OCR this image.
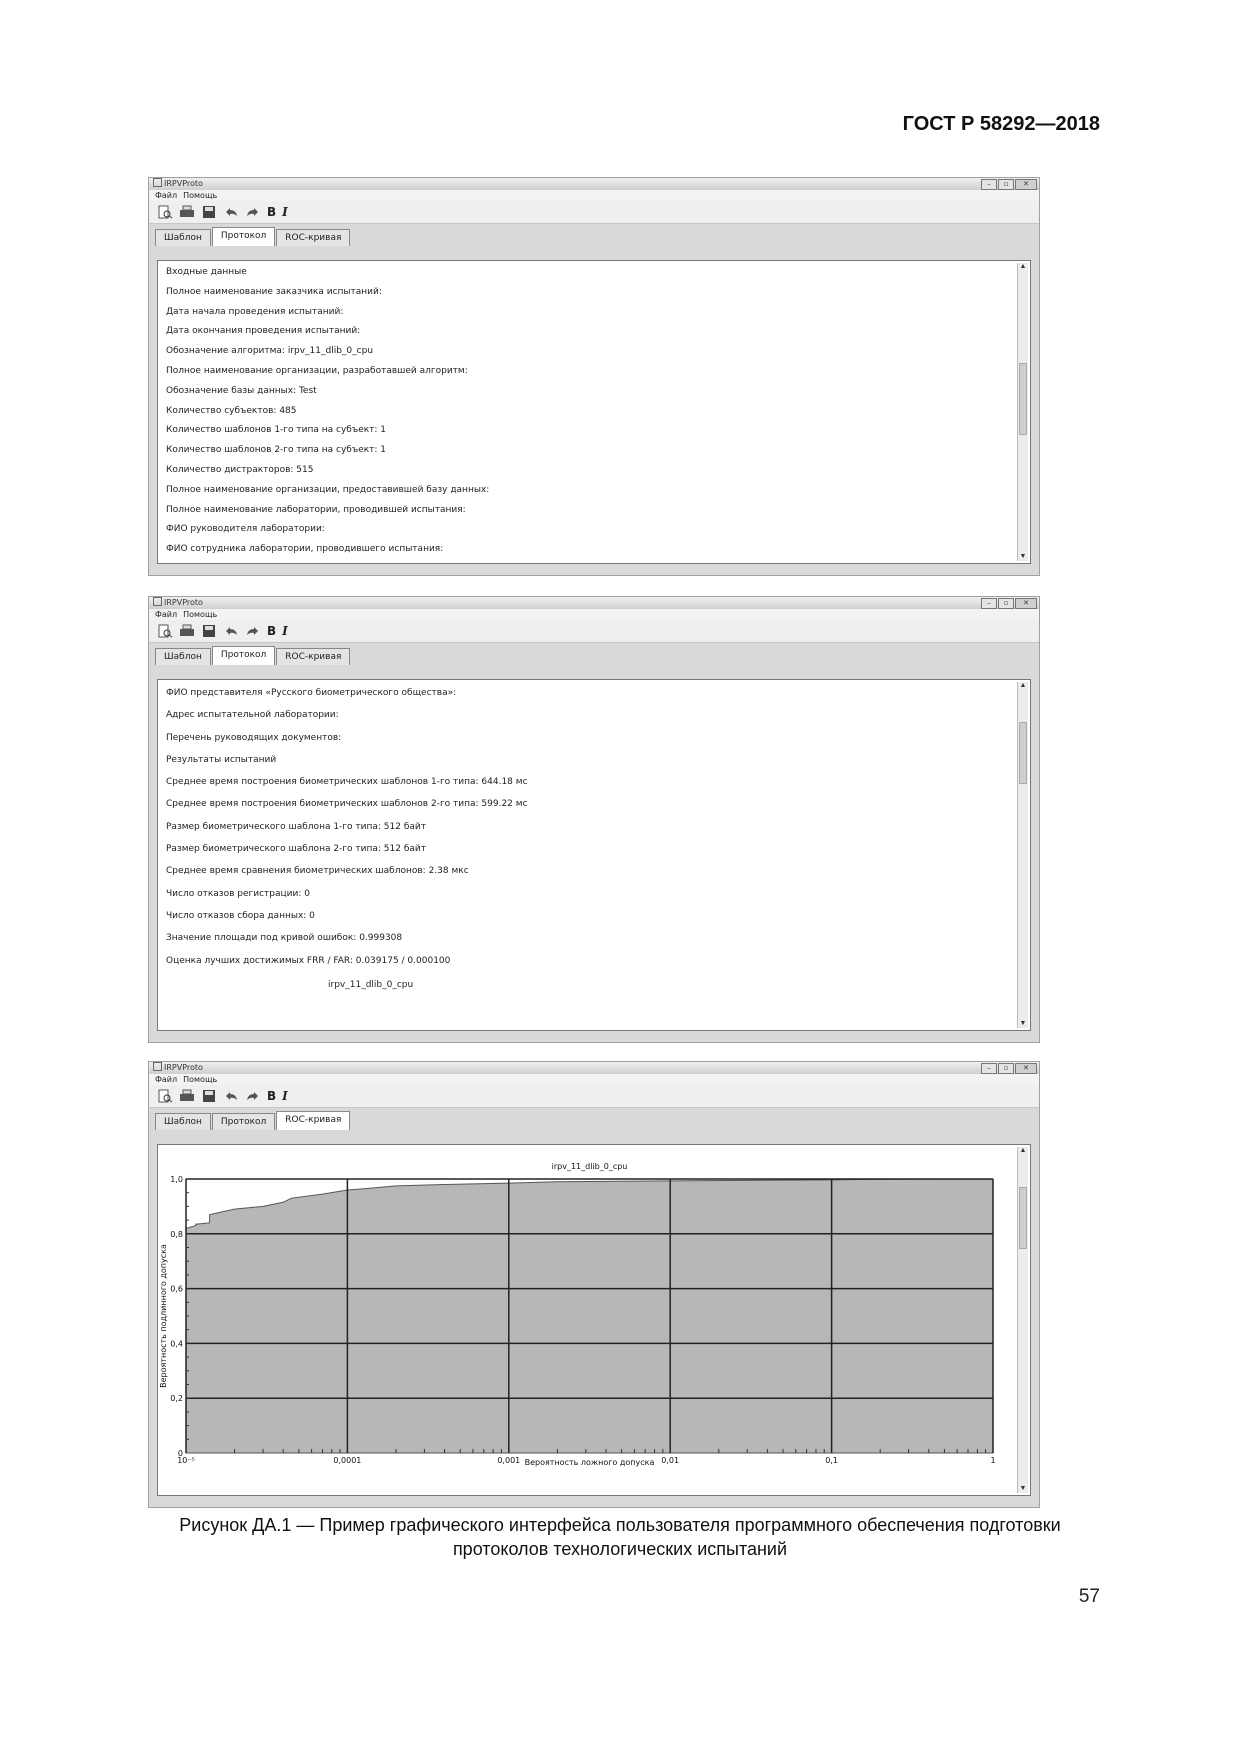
ГОСТ Р 58292—2018
IRPVProto	–	▫	✕
Файл Помощь
B I
Шаблон	Протокол	ROC-кривая
Входные данные
Полное наименование заказчика испытаний:
Дата начала проведения испытаний:
Дата окончания проведения испытаний:
Обозначение алгоритма: irpv_11_dlib_0_cpu
Полное наименование организации, разработавшей алгоритм:
Обозначение базы данных: Test
Количество субъектов: 485
Количество шаблонов 1-го типа на субъект: 1
Количество шаблонов 2-го типа на субъект: 1
Количество дистракторов: 515
Полное наименование организации, предоставившей базу данных:
Полное наименование лаборатории, проводившей испытания:
ФИО руководителя лаборатории:
ФИО сотрудника лаборатории, проводившего испытания:
▲
▼
IRPVProto	–	▫	✕
Файл Помощь
B I
Шаблон	Протокол	ROC-кривая
ФИО представителя «Русского биометрического общества»:
Адрес испытательной лаборатории:
Перечень руководящих документов:
Результаты испытаний
Среднее время построения биометрических шаблонов 1-го типа: 644.18 мс
Среднее время построения биометрических шаблонов 2-го типа: 599.22 мс
Размер биометрического шаблона 1-го типа: 512 байт
Размер биометрического шаблона 2-го типа: 512 байт
Среднее время сравнения биометрических шаблонов: 2.38 мкс
Число отказов регистрации: 0
Число отказов сбора данных: 0
Значение площади под кривой ошибок: 0.999308
Оценка лучших достижимых FRR / FAR: 0.039175 / 0.000100
irpv_11_dlib_0_cpu
▲
▼
IRPVProto	–	▫	✕
Файл Помощь
B I
Шаблон	Протокол	ROC-кривая
10⁻⁵	0,0001	0,001	0,01	0,1	1
0
0,2
0,4
0,6
0,8
1,0
irpv_11_dlib_0_cpu
Вероятность ложного допуска
Вероятность подлинного допуска
▲
▼
Рисунок ДА.1 — Пример графического интерфейса пользователя программного обеспечения подготовки
протоколов технологических испытаний
57
